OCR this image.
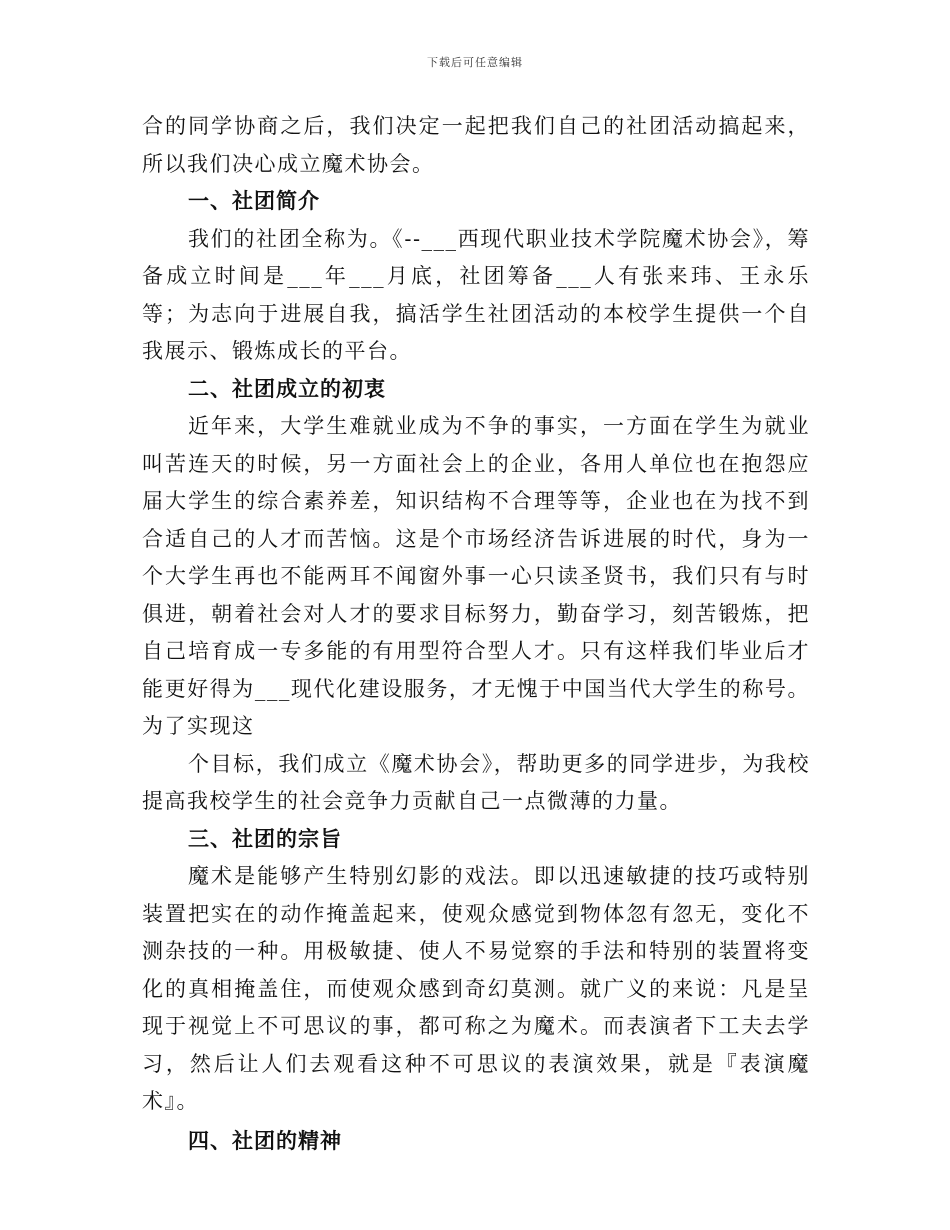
下载后可任意编辑

合的同学协商之后，我们决定一起把我们自己的社团活动搞起来，所以我们决心成立魔术协会。

一、社团简介

我们的社团全称为。《--___西现代职业技术学院魔术协会》，筹备成立时间是___年___月底，社团筹备___人有张来玮、王永乐等；为志向于进展自我，搞活学生社团活动的本校学生提供一个自我展示、锻炼成长的平台。

二、社团成立的初衷

近年来，大学生难就业成为不争的事实，一方面在学生为就业叫苦连天的时候，另一方面社会上的企业，各用人单位也在抱怨应届大学生的综合素养差，知识结构不合理等等，企业也在为找不到合适自己的人才而苦恼。这是个市场经济告诉进展的时代，身为一个大学生再也不能两耳不闻窗外事一心只读圣贤书，我们只有与时俱进，朝着社会对人才的要求目标努力，勤奋学习，刻苦锻炼，把自己培育成一专多能的有用型符合型人才。只有这样我们毕业后才能更好得为___现代化建设服务，才无愧于中国当代大学生的称号。为了实现这

个目标，我们成立《魔术协会》，帮助更多的同学进步，为我校提高我校学生的社会竞争力贡献自己一点微薄的力量。

三、社团的宗旨

魔术是能够产生特别幻影的戏法。即以迅速敏捷的技巧或特别装置把实在的动作掩盖起来，使观众感觉到物体忽有忽无，变化不测杂技的一种。用极敏捷、使人不易觉察的手法和特别的装置将变化的真相掩盖住，而使观众感到奇幻莫测。就广义的来说：凡是呈现于视觉上不可思议的事，都可称之为魔术。而表演者下工夫去学习，然后让人们去观看这种不可思议的表演效果，就是『表演魔术』。

四、社团的精神
